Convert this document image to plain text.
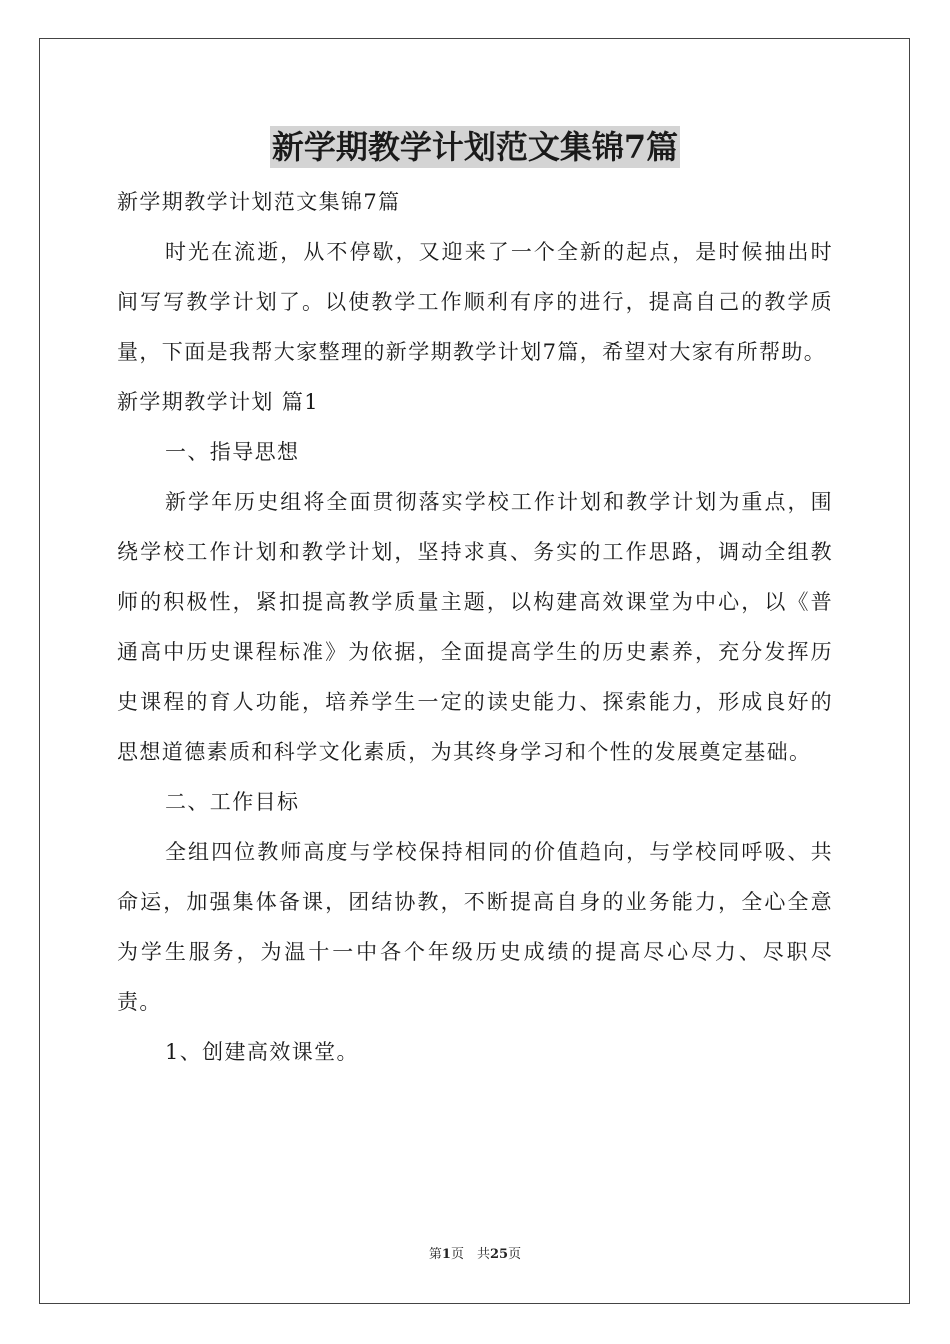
新学期教学计划范文集锦7篇

新学期教学计划范文集锦7篇

时光在流逝，从不停歇，又迎来了一个全新的起点，是时候抽出时间写写教学计划了。以使教学工作顺利有序的进行，提高自己的教学质量，下面是我帮大家整理的新学期教学计划7篇，希望对大家有所帮助。

新学期教学计划 篇1

一、指导思想

新学年历史组将全面贯彻落实学校工作计划和教学计划为重点，围绕学校工作计划和教学计划，坚持求真、务实的工作思路，调动全组教师的积极性，紧扣提高教学质量主题，以构建高效课堂为中心，以《普通高中历史课程标准》为依据，全面提高学生的历史素养，充分发挥历史课程的育人功能，培养学生一定的读史能力、探索能力，形成良好的思想道德素质和科学文化素质，为其终身学习和个性的发展奠定基础。

二、工作目标

全组四位教师高度与学校保持相同的价值趋向，与学校同呼吸、共命运，加强集体备课，团结协教，不断提高自身的业务能力，全心全意为学生服务，为温十一中各个年级历史成绩的提高尽心尽力、尽职尽责。

1、创建高效课堂。

第1页　共25页
